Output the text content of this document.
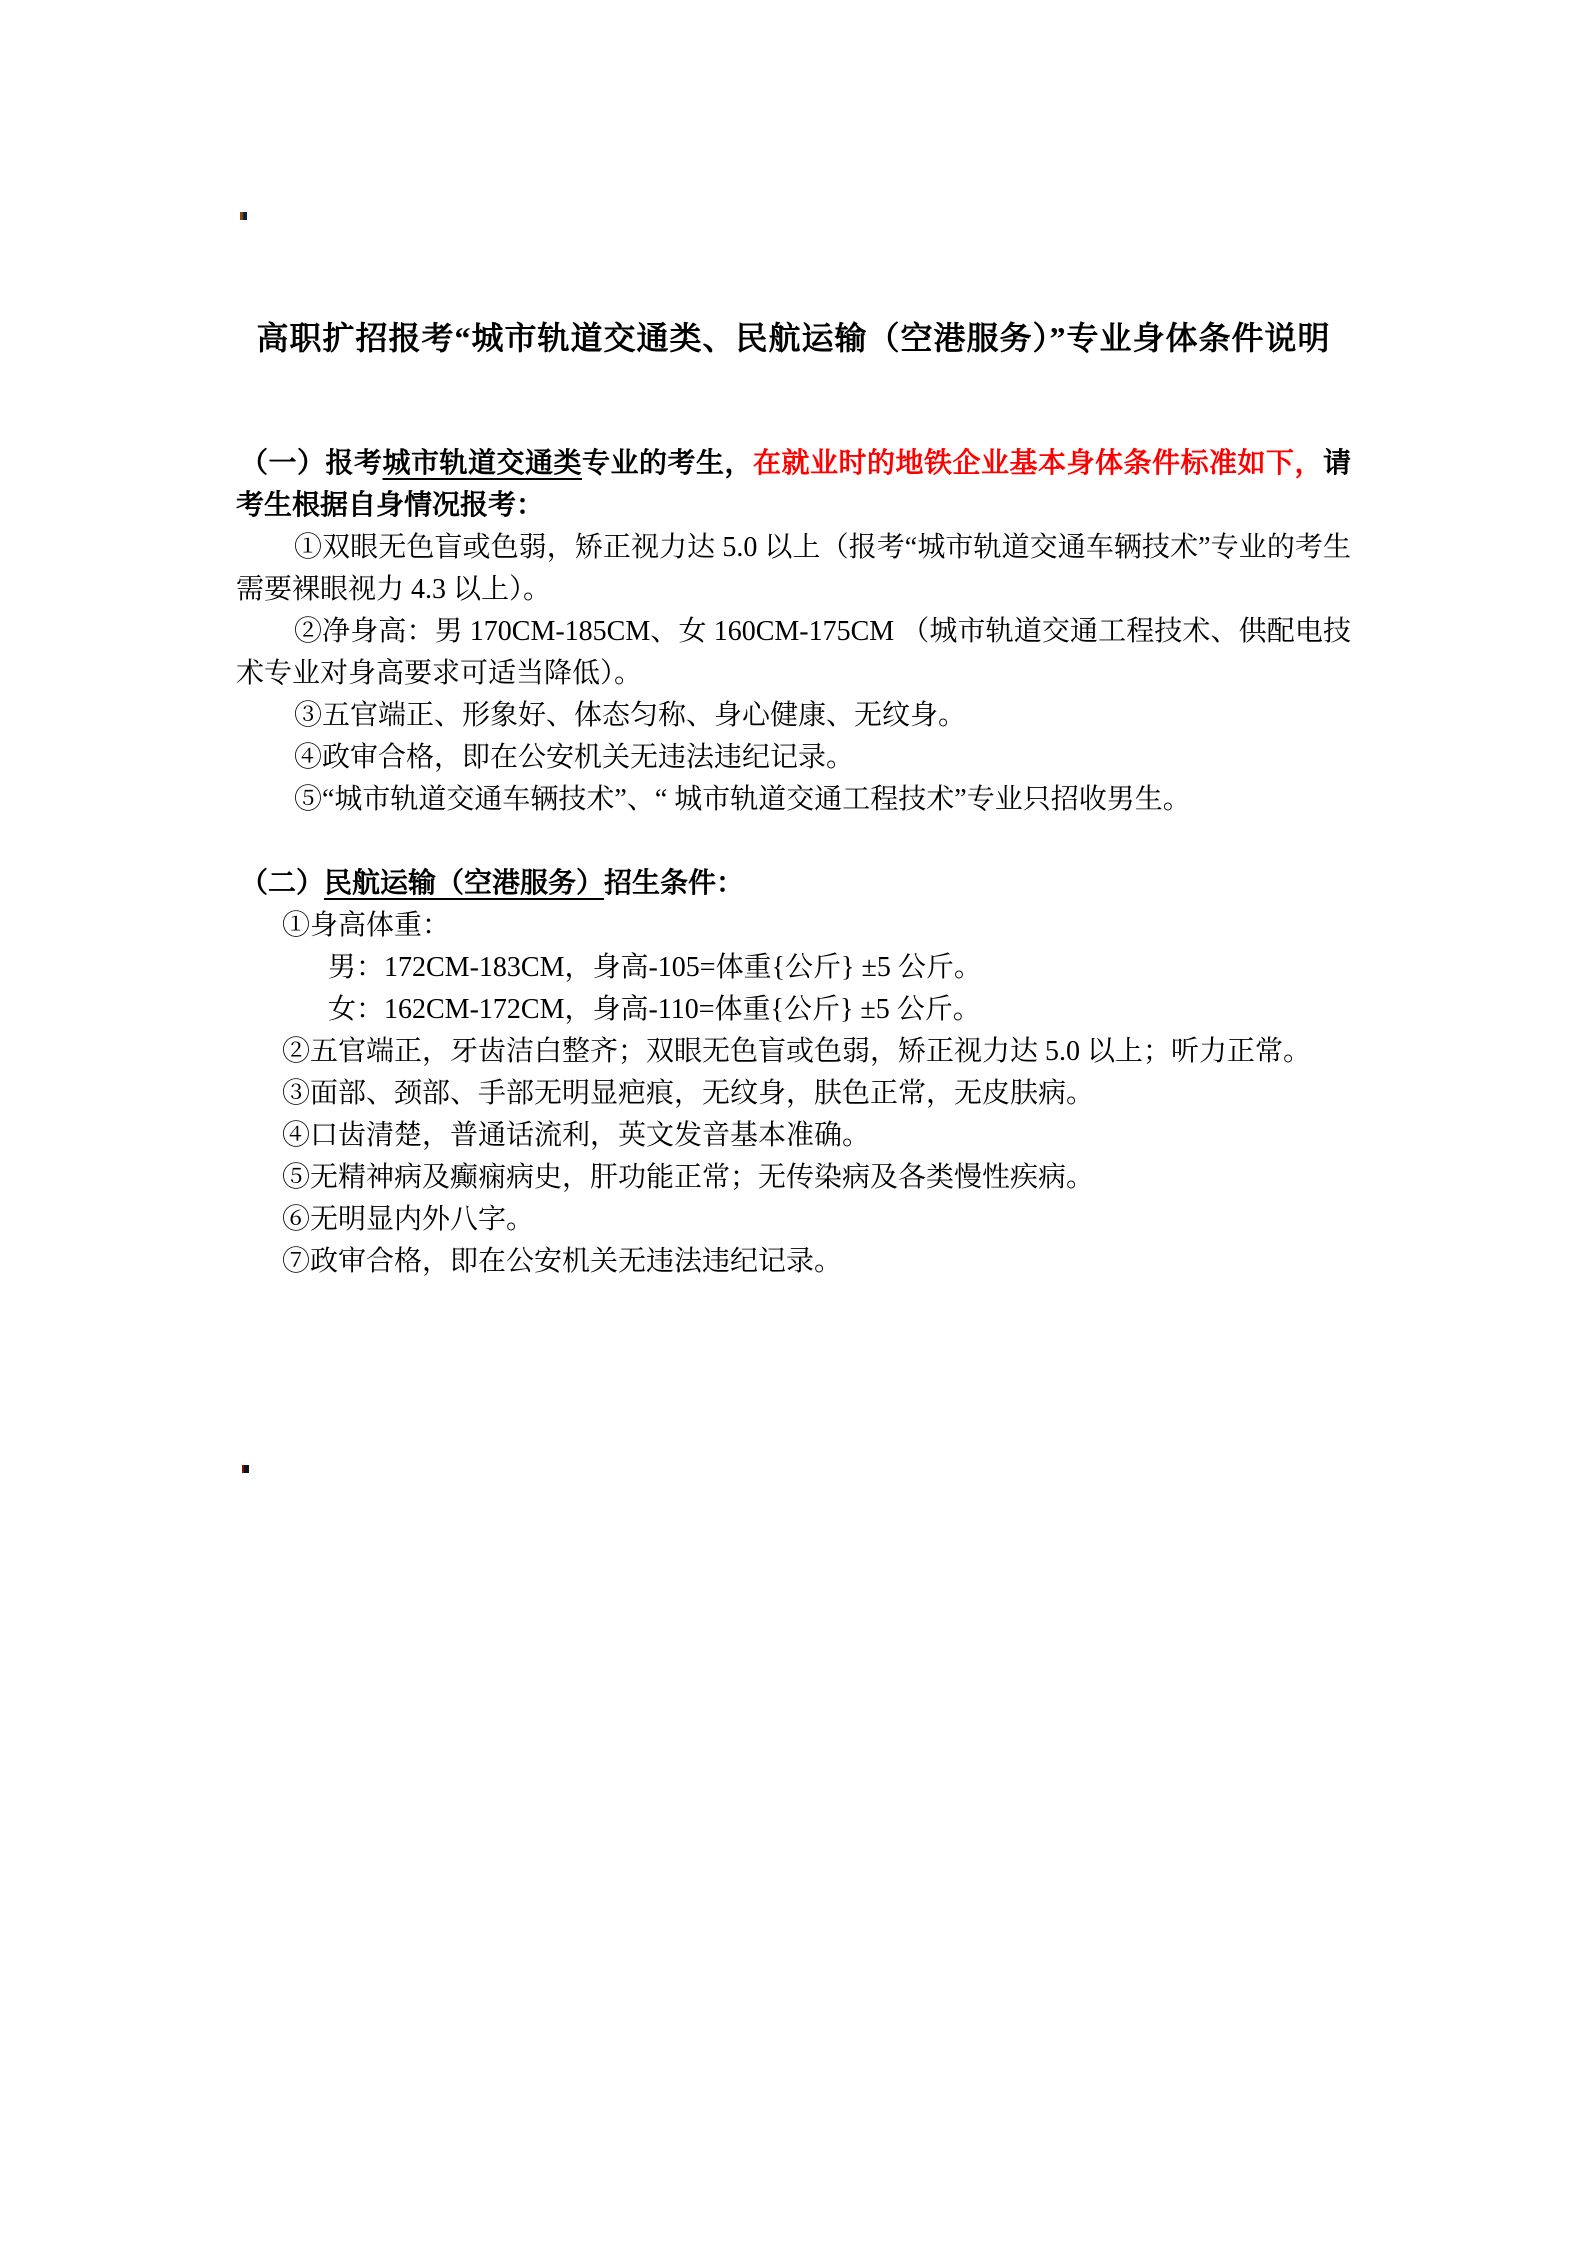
高职扩招报考“城市轨道交通类、民航运输（空港服务）”专业身体条件说明

（一）报考城市轨道交通类专业的考生，在就业时的地铁企业基本身体条件标准如下，请考生根据自身情况报考：

①双眼无色盲或色弱，矫正视力达 5.0 以上（报考“城市轨道交通车辆技术”专业的考生需要裸眼视力 4.3 以上）。

②净身高：男 170CM-185CM、女 160CM-175CM （城市轨道交通工程技术、供配电技术专业对身高要求可适当降低）。

③五官端正、形象好、体态匀称、身心健康、无纹身。

④政审合格，即在公安机关无违法违纪记录。

⑤“城市轨道交通车辆技术”、“ 城市轨道交通工程技术”专业只招收男生。

（二）民航运输（空港服务）招生条件：

①身高体重：

男：172CM-183CM，身高-105=体重{公斤} ±5 公斤。

女：162CM-172CM，身高-110=体重{公斤} ±5 公斤。

②五官端正，牙齿洁白整齐；双眼无色盲或色弱，矫正视力达 5.0 以上；听力正常。

③面部、颈部、手部无明显疤痕，无纹身，肤色正常，无皮肤病。

④口齿清楚，普通话流利，英文发音基本准确。

⑤无精神病及癫痫病史，肝功能正常；无传染病及各类慢性疾病。

⑥无明显内外八字。

⑦政审合格，即在公安机关无违法违纪记录。
